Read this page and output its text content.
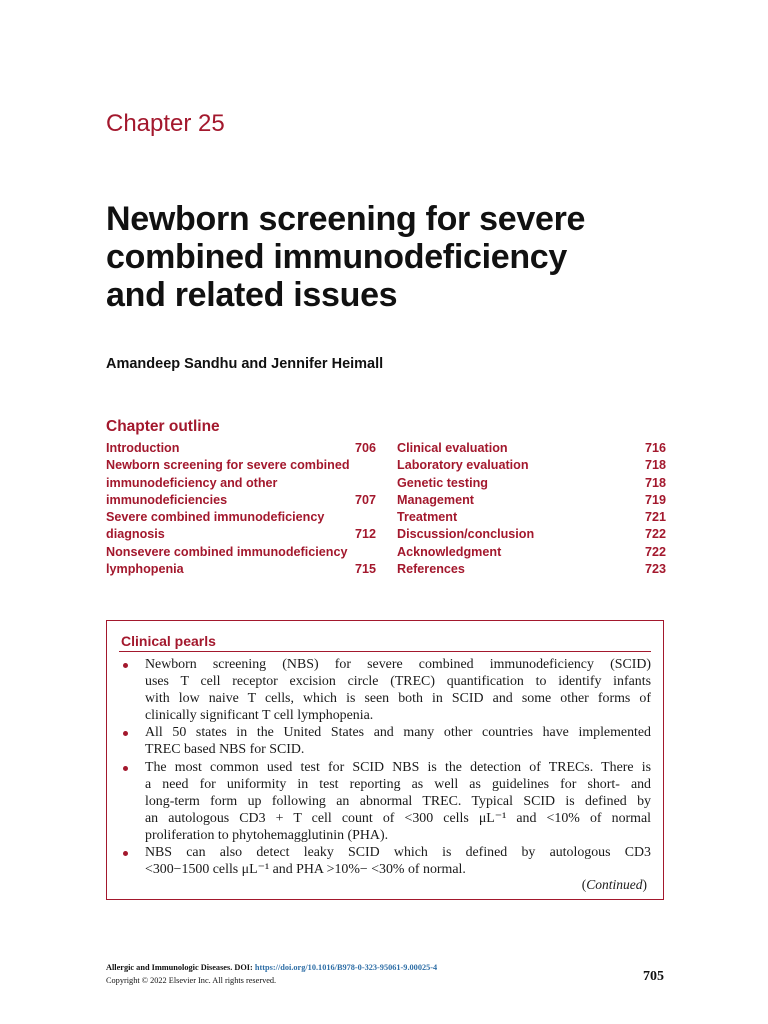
Chapter 25
Newborn screening for severe
combined immunodeficiency
and related issues
Amandeep Sandhu and Jennifer Heimall
Chapter outline
Introduction	706
Newborn screening for severe combined
immunodeficiency and other
immunodeficiencies	707
Severe combined immunodeficiency
diagnosis	712
Nonsevere combined immunodeficiency
lymphopenia	715
Clinical evaluation	716
Laboratory evaluation	718
Genetic testing	718
Management	719
Treatment	721
Discussion/conclusion	722
Acknowledgment	722
References	723
Clinical pearls
Newborn screening (NBS) for severe combined immunodeficiency (SCID)
uses T cell receptor excision circle (TREC) quantification to identify infants
with low naive T cells, which is seen both in SCID and some other forms of
clinically significant T cell lymphopenia.
All 50 states in the United States and many other countries have implemented
TREC based NBS for SCID.
The most common used test for SCID NBS is the detection of TRECs. There is
a need for uniformity in test reporting as well as guidelines for short- and
long-term form up following an abnormal TREC. Typical SCID is defined by
an autologous CD3 + T cell count of <300 cells μL⁻¹ and <10% of normal
proliferation to phytohemagglutinin (PHA).
NBS can also detect leaky SCID which is defined by autologous CD3
<300−1500 cells μL⁻¹ and PHA >10%− <30% of normal.
(Continued)
Allergic and Immunologic Diseases. DOI: https://doi.org/10.1016/B978-0-323-95061-9.00025-4
Copyright © 2022 Elsevier Inc. All rights reserved.	705
